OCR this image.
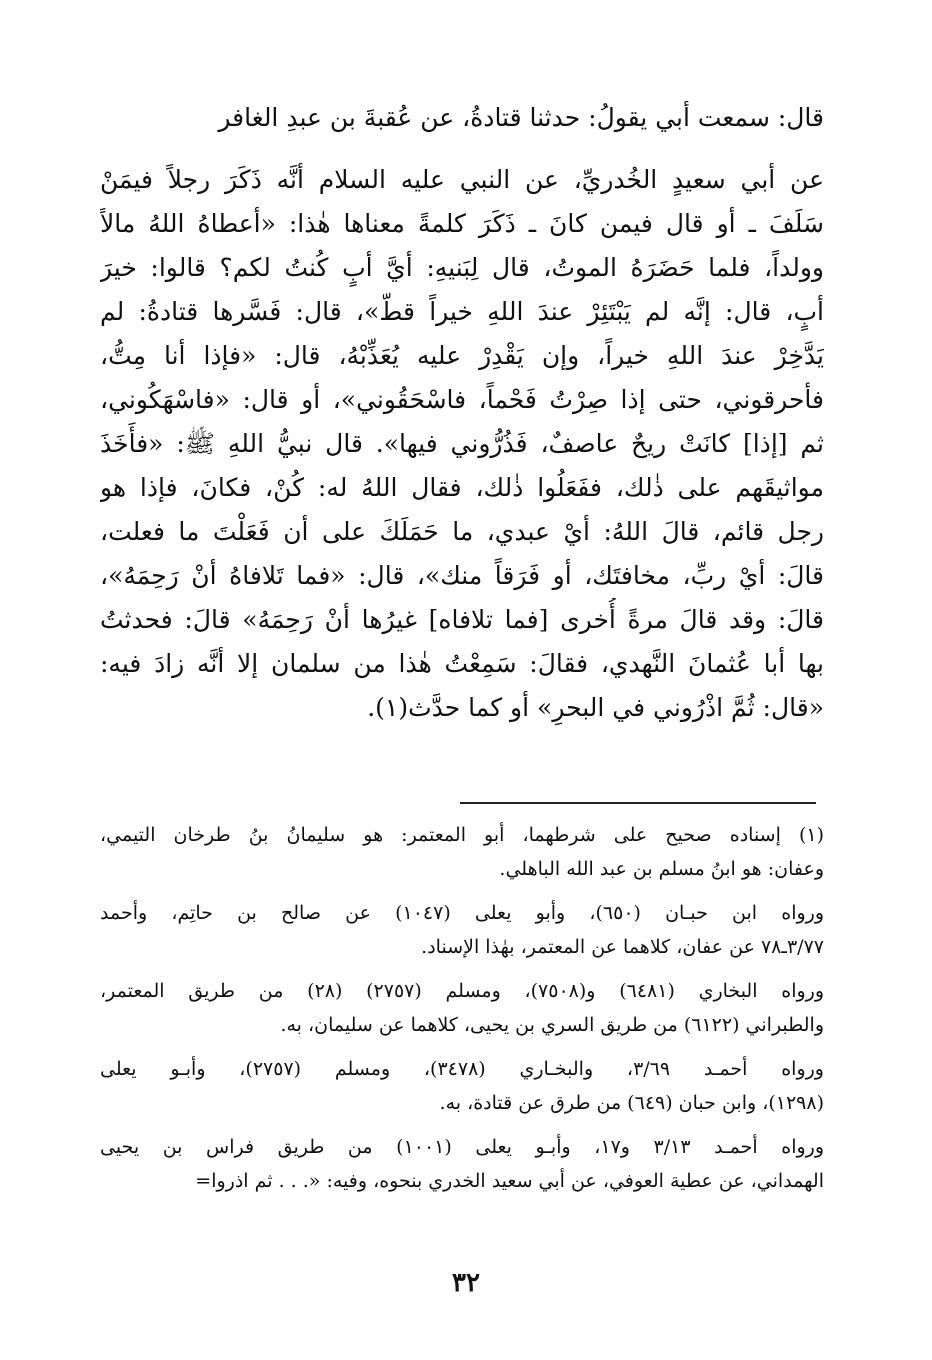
قال: سمعت أبي يقولُ: حدثنا قتادةُ، عن عُقبةَ بن عبدِ الغافر
عن أبي سعيدٍ الخُدريِّ، عن النبي عليه السلام أنَّه ذَكَرَ رجلاً فيمَنْ
سَلَفَ ـ أو قال فيمن كانَ ـ ذَكَرَ كلمةً معناها هٰذا: «أعطاهُ اللهُ مالاً
وولداً، فلما حَضَرَهُ الموتُ، قال لِبَنيهِ: أيَّ أبٍ كُنتُ لكم؟ قالوا: خيرَ
أبٍ، قال: إنَّه لم يَبْتَئِرْ عندَ اللهِ خيراً قطّ»، قال: فَسَّرها قتادةُ: لم
يَدَّخِرْ عندَ اللهِ خيراً، وإن يَقْدِرْ عليه يُعَذِّبْهُ، قال: «فإذا أنا مِتُّ،
فأحرقوني، حتى إذا صِرْتُ فَحْماً، فاسْحَقُوني»، أو قال: «فاسْهَكُوني،
ثم [إذا] كانَتْ ريحٌ عاصفٌ، فَذُرُّوني فيها». قال نبيُّ اللهِ ﷺ: «فأَخَذَ
مواثيقَهم على ذٰلك، ففَعَلُوا ذٰلك، فقال اللهُ له: كُنْ، فكانَ، فإذا هو
رجل قائم، قالَ اللهُ: أيْ عبدي، ما حَمَلَكَ على أن فَعَلْتَ ما فعلت،
قالَ: أيْ ربِّ، مخافتَك، أو فَرَقاً منك»، قال: «فما تَلافاهُ أنْ رَحِمَهُ»،
قالَ: وقد قالَ مرةً أُخرى [فما تلافاه] غيرُها أنْ رَحِمَهُ» قالَ: فحدثتُ
بها أبا عُثمانَ النَّهدي، فقالَ: سَمِعْتُ هٰذا من سلمان إلا أنَّه زادَ فيه:
«قال: ثُمَّ اذْرُوني في البحرِ» أو كما حدَّث(١).
(١) إسناده صحيح على شرطهما، أبو المعتمر: هو سليمانُ بنُ طرخان التيمي،
وعفان: هو ابنُ مسلم بن عبد الله الباهلي.
ورواه ابن حبـان (٦٥٠)، وأبو يعلى (١٠٤٧) عن صالح بن حاتِم، وأحمد
٣/٧٧ـ٧٨ عن عفان، كلاهما عن المعتمر، بهٰذا الإسناد.
ورواه البخاري (٦٤٨١) و(٧٥٠٨)، ومسلم (٢٧٥٧) (٢٨) من طريق المعتمر،
والطبراني (٦١٢٢) من طريق السري بن يحيى، كلاهما عن سليمان، به.
ورواه أحمـد ٣/٦٩، والبخـاري (٣٤٧٨)، ومسلم (٢٧٥٧)، وأبـو يعلى
(١٢٩٨)، وابن حبان (٦٤٩) من طرق عن قتادة، به.
ورواه أحمـد ٣/١٣ و١٧، وأبـو يعلى (١٠٠١) من طريق فراس بن يحيى
الهمداني، عن عطية العوفي، عن أبي سعيد الخدري بنحوه، وفيه: «. . . ثم اذروا=
٣٢
